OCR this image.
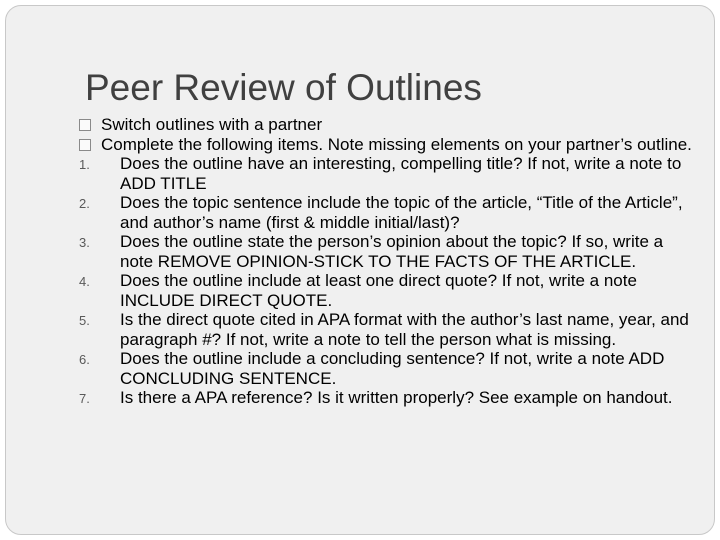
Peer Review of Outlines
Switch outlines with a partner
Complete the following items. Note missing elements on your partner’s outline.
1. Does the outline have an interesting, compelling title? If not, write a note to ADD TITLE
2. Does the topic sentence include the topic of the article, “Title of the Article”, and author’s name (first & middle initial/last)?
3. Does the outline state the person’s opinion about the topic? If so, write a note REMOVE OPINION-STICK TO THE FACTS OF THE ARTICLE.
4. Does the outline include at least one direct quote? If not, write a note INCLUDE DIRECT QUOTE.
5. Is the direct quote cited in APA format with the author’s last name, year, and paragraph #? If not, write a note to tell the person what is missing.
6. Does the outline include a concluding sentence? If not, write a note ADD CONCLUDING SENTENCE.
7. Is there a APA reference? Is it written properly? See example on handout.
